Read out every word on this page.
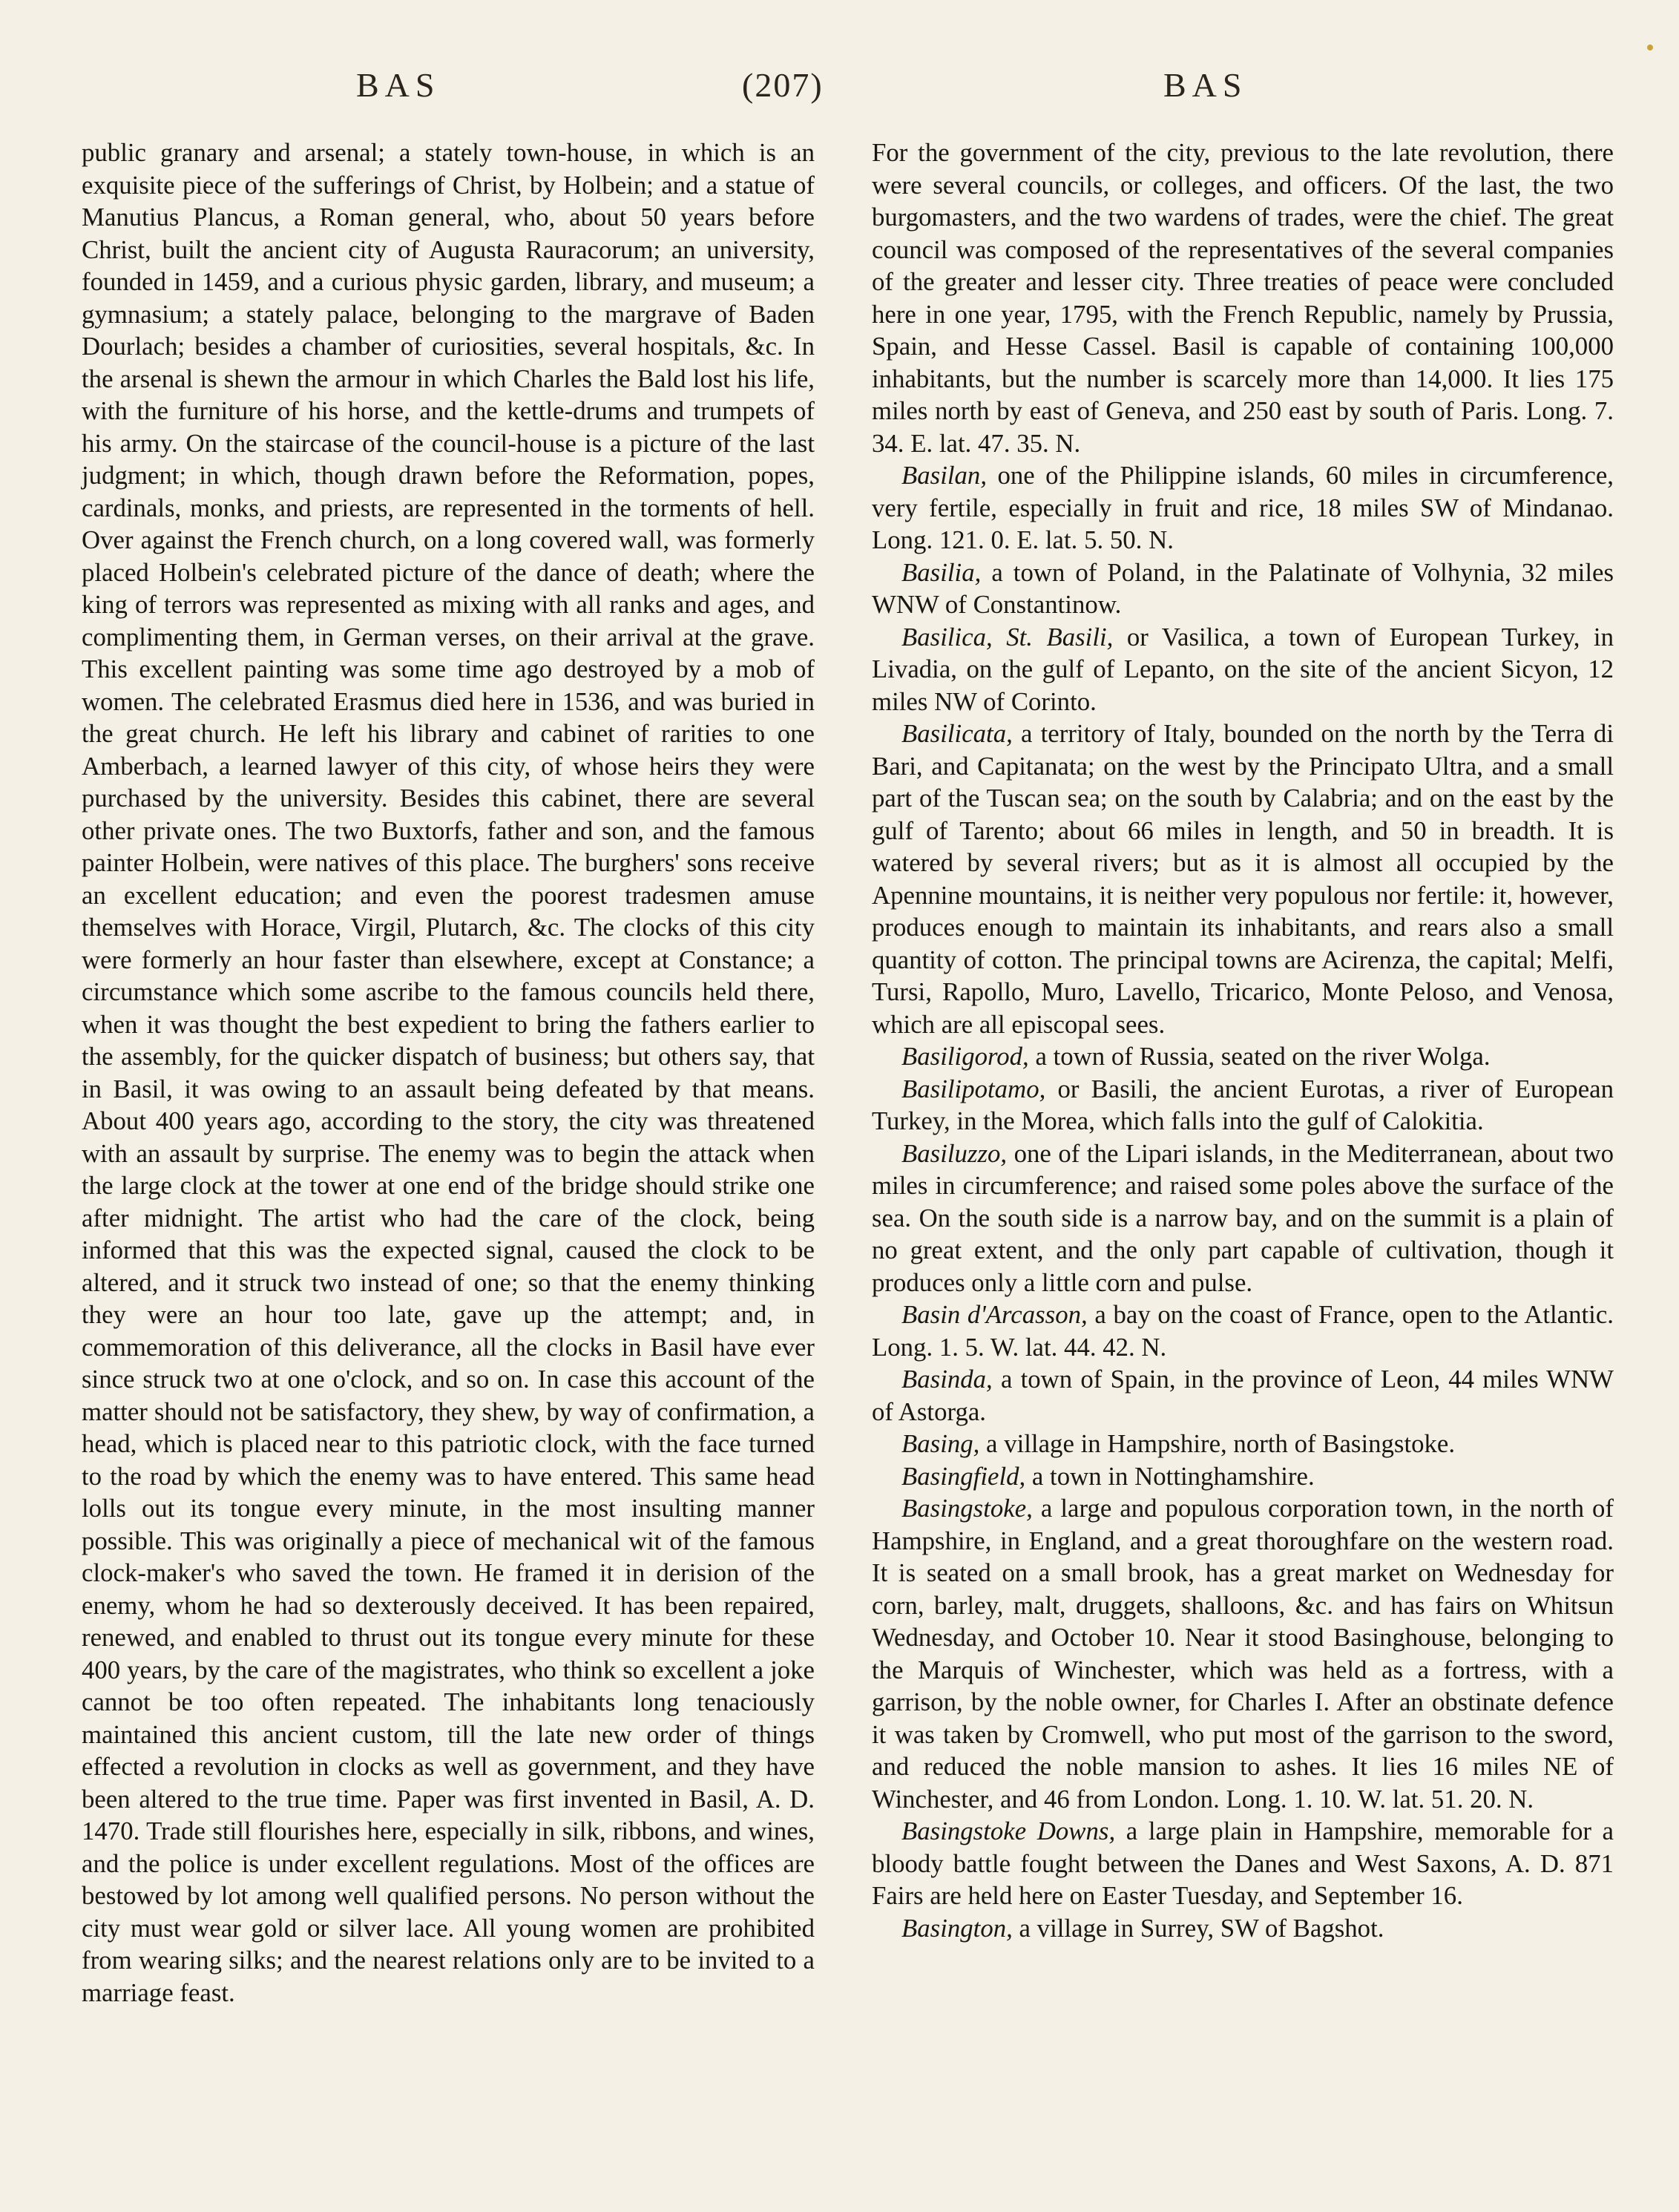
BAS	(207)	BAS

public granary and arsenal; a stately town-house, in which is an exquisite piece of the sufferings of Christ, by Holbein; and a statue of Manutius Plancus, a Roman general, who, about 50 years before Christ, built the ancient city of Augusta Rauracorum; an university, founded in 1459, and a curious physic garden, library, and museum; a gymnasium; a stately palace, belonging to the margrave of Baden Dourlach; besides a chamber of curiosities, several hospitals, &c. In the arsenal is shewn the armour in which Charles the Bald lost his life, with the furniture of his horse, and the kettle-drums and trumpets of his army. On the staircase of the council-house is a picture of the last judgment; in which, though drawn before the Reformation, popes, cardinals, monks, and priests, are represented in the torments of hell. Over against the French church, on a long covered wall, was formerly placed Holbein's celebrated picture of the dance of death; where the king of terrors was represented as mixing with all ranks and ages, and complimenting them, in German verses, on their arrival at the grave. This excellent painting was some time ago destroyed by a mob of women. The celebrated Erasmus died here in 1536, and was buried in the great church. He left his library and cabinet of rarities to one Amberbach, a learned lawyer of this city, of whose heirs they were purchased by the university. Besides this cabinet, there are several other private ones. The two Buxtorfs, father and son, and the famous painter Holbein, were natives of this place. The burghers' sons receive an excellent education; and even the poorest tradesmen amuse themselves with Horace, Virgil, Plutarch, &c. The clocks of this city were formerly an hour faster than elsewhere, except at Constance; a circumstance which some ascribe to the famous councils held there, when it was thought the best expedient to bring the fathers earlier to the assembly, for the quicker dispatch of business; but others say, that in Basil, it was owing to an assault being defeated by that means. About 400 years ago, according to the story, the city was threatened with an assault by surprise. The enemy was to begin the attack when the large clock at the tower at one end of the bridge should strike one after midnight. The artist who had the care of the clock, being informed that this was the expected signal, caused the clock to be altered, and it struck two instead of one; so that the enemy thinking they were an hour too late, gave up the attempt; and, in commemoration of this deliverance, all the clocks in Basil have ever since struck two at one o'clock, and so on. In case this account of the matter should not be satisfactory, they shew, by way of confirmation, a head, which is placed near to this patriotic clock, with the face turned to the road by which the enemy was to have entered. This same head lolls out its tongue every minute, in the most insulting manner possible. This was originally a piece of mechanical wit of the famous clock-maker's who saved the town. He framed it in derision of the enemy, whom he had so dexterously deceived. It has been repaired, renewed, and enabled to thrust out its tongue every minute for these 400 years, by the care of the magistrates, who think so excellent a joke cannot be too often repeated. The inhabitants long tenaciously maintained this ancient custom, till the late new order of things effected a revolution in clocks as well as government, and they have been altered to the true time. Paper was first invented in Basil, A. D. 1470. Trade still flourishes here, especially in silk, ribbons, and wines, and the police is under excellent regulations. Most of the offices are bestowed by lot among well qualified persons. No person without the city must wear gold or silver lace. All young women are prohibited from wearing silks; and the nearest relations only are to be invited to a marriage feast.

For the government of the city, previous to the late revolution, there were several councils, or colleges, and officers. Of the last, the two burgomasters, and the two wardens of trades, were the chief. The great council was composed of the representatives of the several companies of the greater and lesser city. Three treaties of peace were concluded here in one year, 1795, with the French Republic, namely by Prussia, Spain, and Hesse Cassel. Basil is capable of containing 100,000 inhabitants, but the number is scarcely more than 14,000. It lies 175 miles north by east of Geneva, and 250 east by south of Paris. Long. 7. 34. E. lat. 47. 35. N.

Basilan, one of the Philippine islands, 60 miles in circumference, very fertile, especially in fruit and rice, 18 miles SW of Mindanao. Long. 121. 0. E. lat. 5. 50. N.

Basilia, a town of Poland, in the Palatinate of Volhynia, 32 miles WNW of Constantinow.

Basilica, St. Basili, or Vasilica, a town of European Turkey, in Livadia, on the gulf of Lepanto, on the site of the ancient Sicyon, 12 miles NW of Corinto.

Basilicata, a territory of Italy, bounded on the north by the Terra di Bari, and Capitanata; on the west by the Principato Ultra, and a small part of the Tuscan sea; on the south by Calabria; and on the east by the gulf of Tarento; about 66 miles in length, and 50 in breadth. It is watered by several rivers; but as it is almost all occupied by the Apennine mountains, it is neither very populous nor fertile: it, however, produces enough to maintain its inhabitants, and rears also a small quantity of cotton. The principal towns are Acirenza, the capital; Melfi, Tursi, Rapollo, Muro, Lavello, Tricarico, Monte Peloso, and Venosa, which are all episcopal sees.

Basiligorod, a town of Russia, seated on the river Wolga.

Basilipotamo, or Basili, the ancient Eurotas, a river of European Turkey, in the Morea, which falls into the gulf of Calokitia.

Basiluzzo, one of the Lipari islands, in the Mediterranean, about two miles in circumference; and raised some poles above the surface of the sea. On the south side is a narrow bay, and on the summit is a plain of no great extent, and the only part capable of cultivation, though it produces only a little corn and pulse.

Basin d'Arcasson, a bay on the coast of France, open to the Atlantic. Long. 1. 5. W. lat. 44. 42. N.

Basinda, a town of Spain, in the province of Leon, 44 miles WNW of Astorga.

Basing, a village in Hampshire, north of Basingstoke.

Basingfield, a town in Nottinghamshire.

Basingstoke, a large and populous corporation town, in the north of Hampshire, in England, and a great thoroughfare on the western road. It is seated on a small brook, has a great market on Wednesday for corn, barley, malt, druggets, shalloons, &c. and has fairs on Whitsun Wednesday, and October 10. Near it stood Basinghouse, belonging to the Marquis of Winchester, which was held as a fortress, with a garrison, by the noble owner, for Charles I. After an obstinate defence it was taken by Cromwell, who put most of the garrison to the sword, and reduced the noble mansion to ashes. It lies 16 miles NE of Winchester, and 46 from London. Long. 1. 10. W. lat. 51. 20. N.

Basingstoke Downs, a large plain in Hampshire, memorable for a bloody battle fought between the Danes and West Saxons, A. D. 871 Fairs are held here on Easter Tuesday, and September 16.

Basington, a village in Surrey, SW of Bagshot.
